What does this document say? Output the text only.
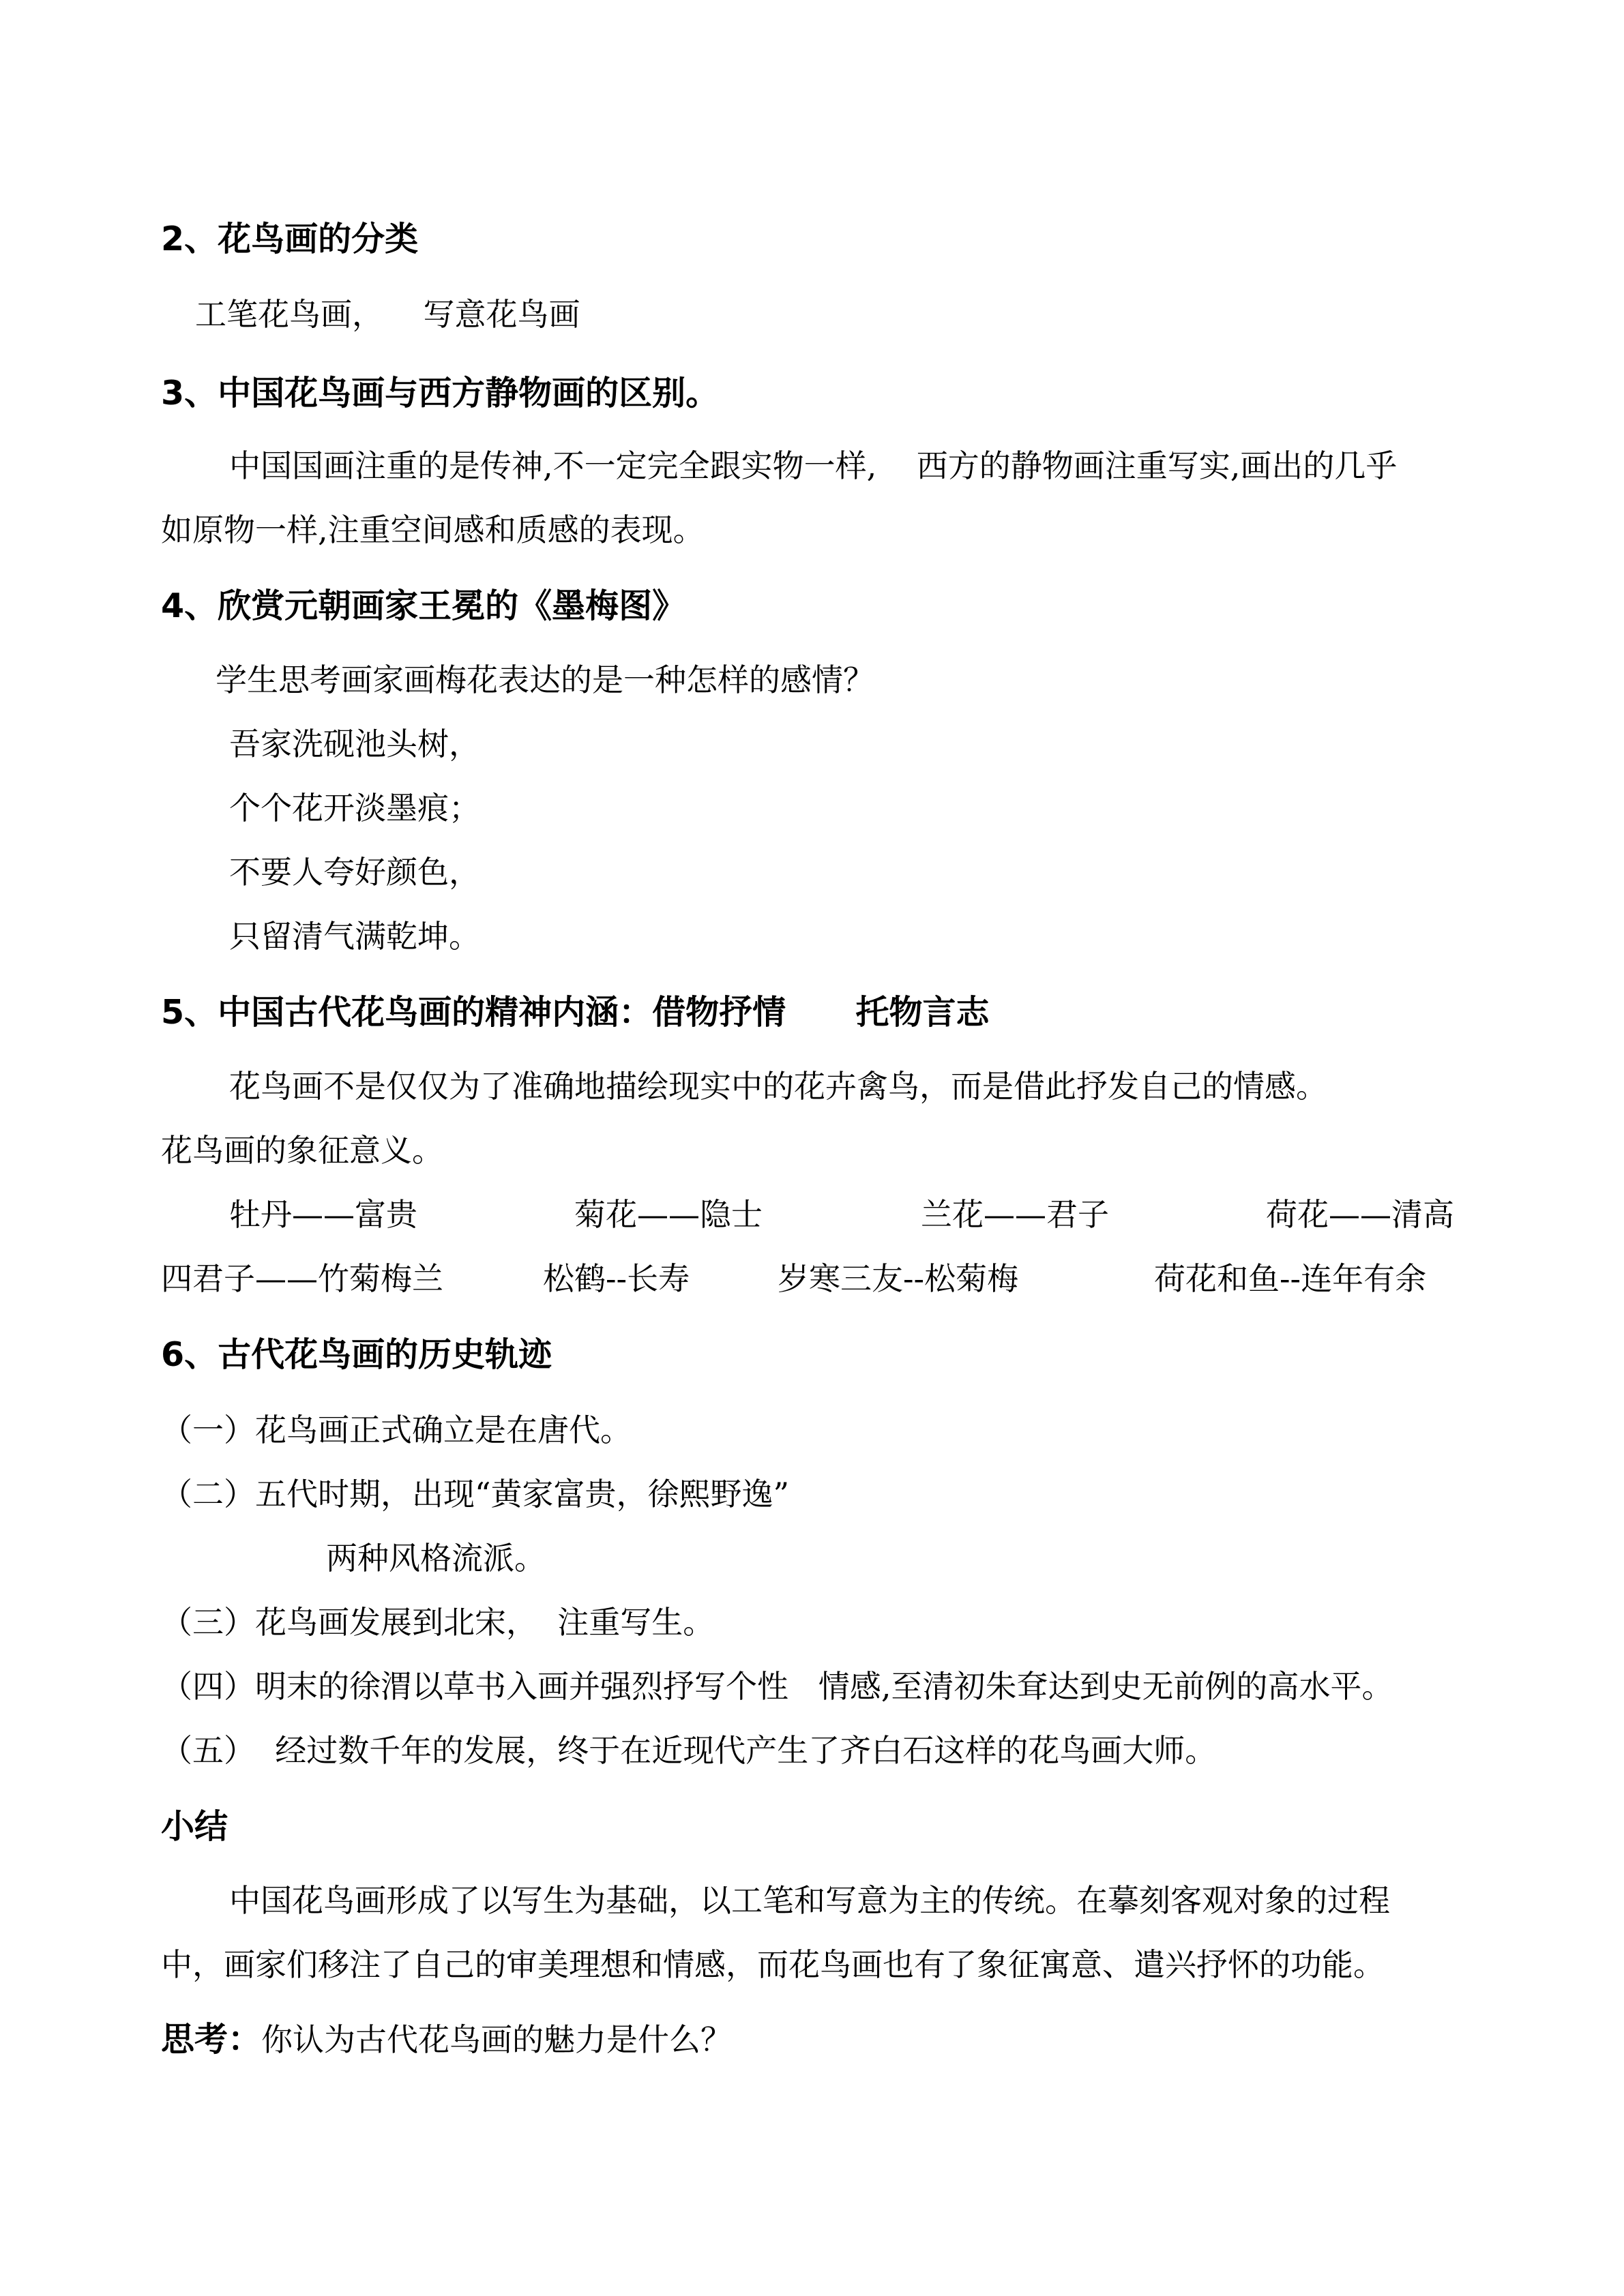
2、花鸟画的分类
工笔花鸟画，    写意花鸟画
3、中国花鸟画与西方静物画的区别。
中国国画注重的是传神,不一定完全跟实物一样,    西方的静物画注重写实,画出的几乎
如原物一样,注重空间感和质感的表现。
4、欣赏元朝画家王冕的《墨梅图》
学生思考画家画梅花表达的是一种怎样的感情？
吾家洗砚池头树，
个个花开淡墨痕；
不要人夸好颜色，
只留清气满乾坤。
5、中国古代花鸟画的精神内涵：借物抒情      托物言志
花鸟画不是仅仅为了准确地描绘现实中的花卉禽鸟，而是借此抒发自己的情感。
花鸟画的象征意义。
牡丹——富贵	菊花——隐士	兰花——君子	荷花——清高
四君子——竹菊梅兰	松鹤--长寿	岁寒三友--松菊梅	荷花和鱼--连年有余
6、古代花鸟画的历史轨迹
（一）花鸟画正式确立是在唐代。
（二）五代时期，出现“黄家富贵，徐熙野逸”
两种风格流派。
（三）花鸟画发展到北宋，  注重写生。
（四）明末的徐渭以草书入画并强烈抒写个性   情感,至清初朱耷达到史无前例的高水平。
（五）  经过数千年的发展，终于在近现代产生了齐白石这样的花鸟画大师。
小结
中国花鸟画形成了以写生为基础，以工笔和写意为主的传统。在摹刻客观对象的过程
中，画家们移注了自己的审美理想和情感，而花鸟画也有了象征寓意、遣兴抒怀的功能。
思考：你认为古代花鸟画的魅力是什么？
